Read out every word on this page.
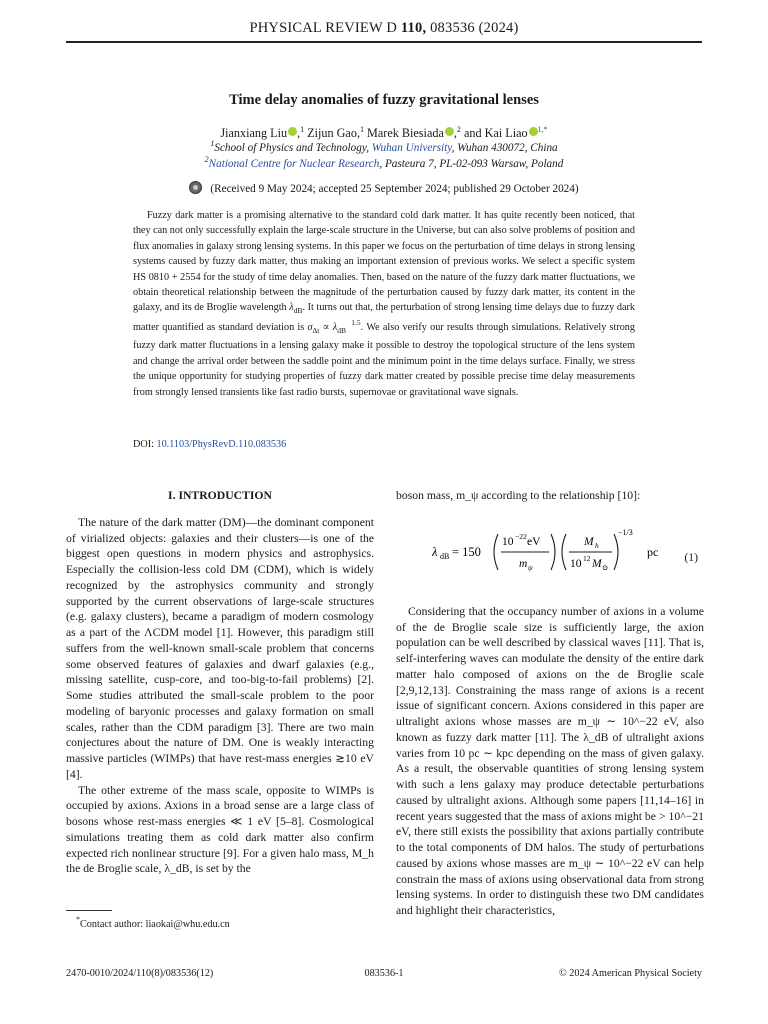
PHYSICAL REVIEW D 110, 083536 (2024)
Time delay anomalies of fuzzy gravitational lenses
Jianxiang Liu ,$^1$ Zijun Gao,$^1$ Marek Biesiada ,$^2$ and Kai Liao $^{1,*}$
$^1$School of Physics and Technology, Wuhan University, Wuhan 430072, China
$^2$National Centre for Nuclear Research, Pasteura 7, PL-02-093 Warsaw, Poland
(Received 9 May 2024; accepted 25 September 2024; published 29 October 2024)

Fuzzy dark matter is a promising alternative to the standard cold dark matter. It has quite recently been noticed, that they can not only successfully explain the large-scale structure in the Universe, but can also solve problems of position and flux anomalies in galaxy strong lensing systems. In this paper we focus on the perturbation of time delays in strong lensing systems caused by fuzzy dark matter, thus making an important extension of previous works. We select a specific system HS 0810 + 2554 for the study of time delay anomalies. Then, based on the nature of the fuzzy dark matter fluctuations, we obtain theoretical relationship between the magnitude of the perturbation caused by fuzzy dark matter, its content in the galaxy, and its de Broglie wavelength $\lambda_{dB}$. It turns out that, the perturbation of strong lensing time delays due to fuzzy dark matter quantified as standard deviation is $\sigma_{\Delta t} \propto \lambda$ 1.5
dB . We also verify our results through simulations. Relatively strong fuzzy dark matter fluctuations in a lensing galaxy make it possible to destroy the topological structure of the lens system and change the arrival order between the saddle point and the minimum point in the time delays surface. Finally, we stress the unique opportunity for studying properties of fuzzy dark matter created by possible precise time delay measurements from strongly lensed transients like fast radio bursts, supernovae or gravitational wave signals.

DOI: 10.1103/PhysRevD.110.083536
I. INTRODUCTION

The nature of the dark matter (DM)—the dominant component of virialized objects: galaxies and their clusters—is one of the biggest open questions in modern physics and astrophysics. Especially the collision-less cold DM (CDM), which is widely recognized by the astrophysics community and strongly supported by the current observations of large-scale structures (e.g. galaxy clusters), became a paradigm of modern cosmology as a part of the ΛCDM model [1]. However, this paradigm still suffers from the well-known small-scale problem that concerns some observed features of galaxies and dwarf galaxies (e.g., missing satellite, cusp-core, and too-big-to-fail problems) [2]. Some studies attributed the small-scale problem to the poor modeling of baryonic processes and galaxy formation on small scales, rather than the CDM paradigm [3]. There are two main conjectures about the nature of DM. One is weakly interacting massive particles (WIMPs) that have rest-mass energies ≳10 eV [4].

The other extreme of the mass scale, opposite to WIMPs is occupied by axions. Axions in a broad sense are a large class of bosons whose rest-mass energies ≪ 1 eV [5–8]. Cosmological simulations treating them as cold dark matter also confirm expected rich nonlinear structure [9]. For a given halo mass, M_h the de Broglie scale, λ_dB, is set by the

boson mass, m_ψ according to the relationship [10]:

λ dB = 150
10 −22 eV
m ψ
M h
10 12 M ⊙
−1/3
pc (1)

Considering that the occupancy number of axions in a volume of the de Broglie scale size is sufficiently large, the axion population can be well described by classical waves [11]. That is, self-interfering waves can modulate the density of the entire dark matter halo composed of axions on the de Broglie scale [2,9,12,13]. Constraining the mass range of axions is a recent issue of significant concern. Axions considered in this paper are ultralight axions whose masses are m_ψ ∼ 10^−22 eV, also known as fuzzy dark matter [11]. The λ_dB of ultralight axions varies from 10 pc ∼ kpc depending on the mass of given galaxy. As a result, the observable quantities of strong lensing system with such a lens galaxy may produce detectable perturbations caused by ultralight axions. Although some papers [11,14–16] in recent years suggested that the mass of axions might be > 10^−21 eV, there still exists the possibility that axions partially contribute to the total components of DM halos. The study of perturbations caused by axions whose masses are m_ψ ∼ 10^−22 eV can help constrain the mass of axions using observational data from strong lensing systems. In order to distinguish these two DM candidates and highlight their characteristics,

*Contact author: liaokai@whu.edu.cn
2470-0010/2024/110(8)/083536(12)	083536-1	© 2024 American Physical Society
